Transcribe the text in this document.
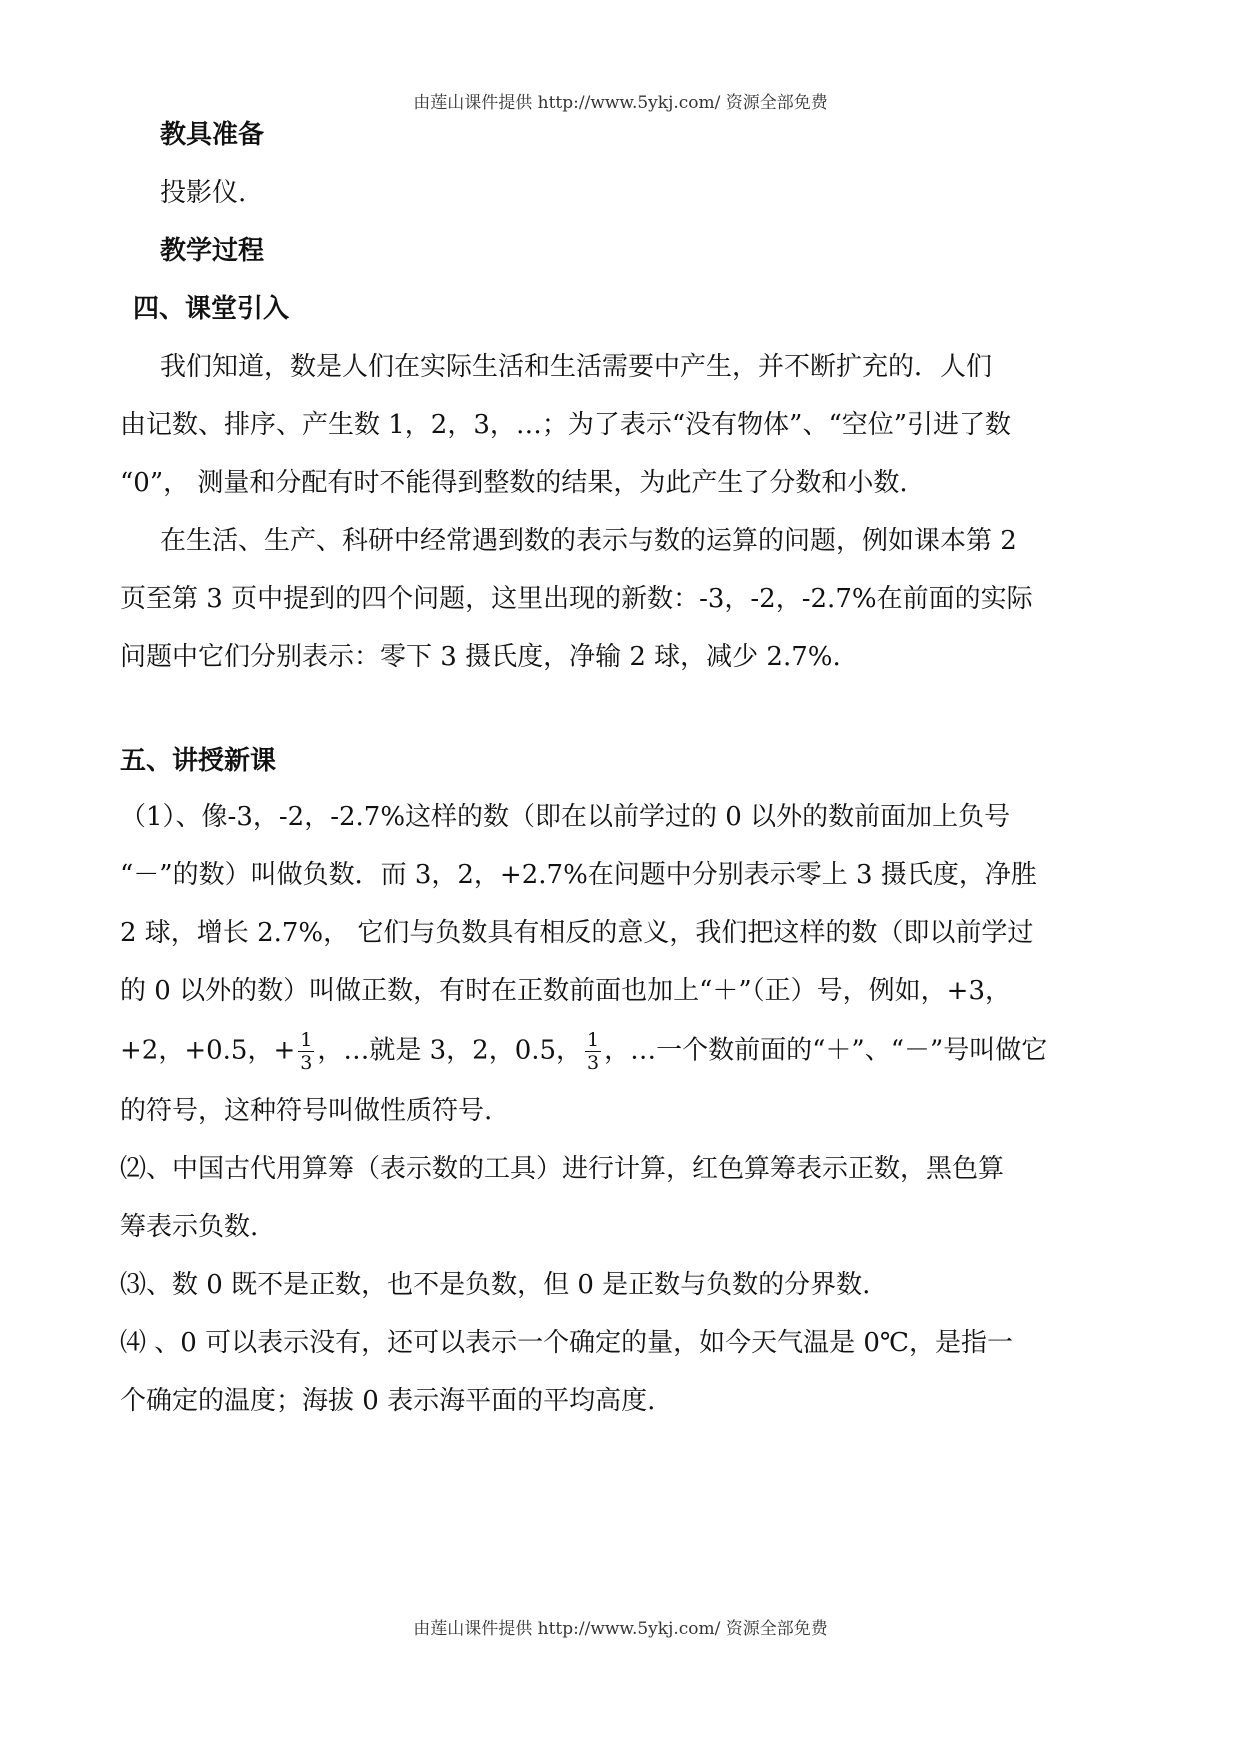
由莲山课件提供 http://www.5ykj.com/ 资源全部免费
教具准备
投影仪.
教学过程
四、课堂引入
我们知道，数是人们在实际生活和生活需要中产生，并不断扩充的．人们
由记数、排序、产生数 1，2，3，…；为了表示“没有物体”、“空位”引进了数
“0”， 测量和分配有时不能得到整数的结果，为此产生了分数和小数.
在生活、生产、科研中经常遇到数的表示与数的运算的问题，例如课本第 2
页至第 3 页中提到的四个问题，这里出现的新数：-3，-2，-2.7%在前面的实际
问题中它们分别表示：零下 3 摄氏度，净输 2 球，减少 2.7%.
五、讲授新课
（1）、像-3，-2，-2.7%这样的数（即在以前学过的 0 以外的数前面加上负号
“－”的数）叫做负数．而 3，2，+2.7%在问题中分别表示零上 3 摄氏度，净胜
2 球，增长 2.7%， 它们与负数具有相反的意义，我们把这样的数（即以前学过
的 0 以外的数）叫做正数，有时在正数前面也加上“＋”（正）号，例如，+3，
+2，+0.5，+ $\frac{1}{3}$ ，…就是 3，2，0.5， $\frac{1}{3}$ ，…一个数前面的“＋”、“－”号叫做它
的符号，这种符号叫做性质符号.
⑵、中国古代用算筹（表示数的工具）进行计算，红色算筹表示正数，黑色算
筹表示负数.
⑶、数 0 既不是正数，也不是负数，但 0 是正数与负数的分界数.
⑷ 、0 可以表示没有，还可以表示一个确定的量，如今天气温是 0℃，是指一
个确定的温度；海拔 0 表示海平面的平均高度.
由莲山课件提供 http://www.5ykj.com/ 资源全部免费
